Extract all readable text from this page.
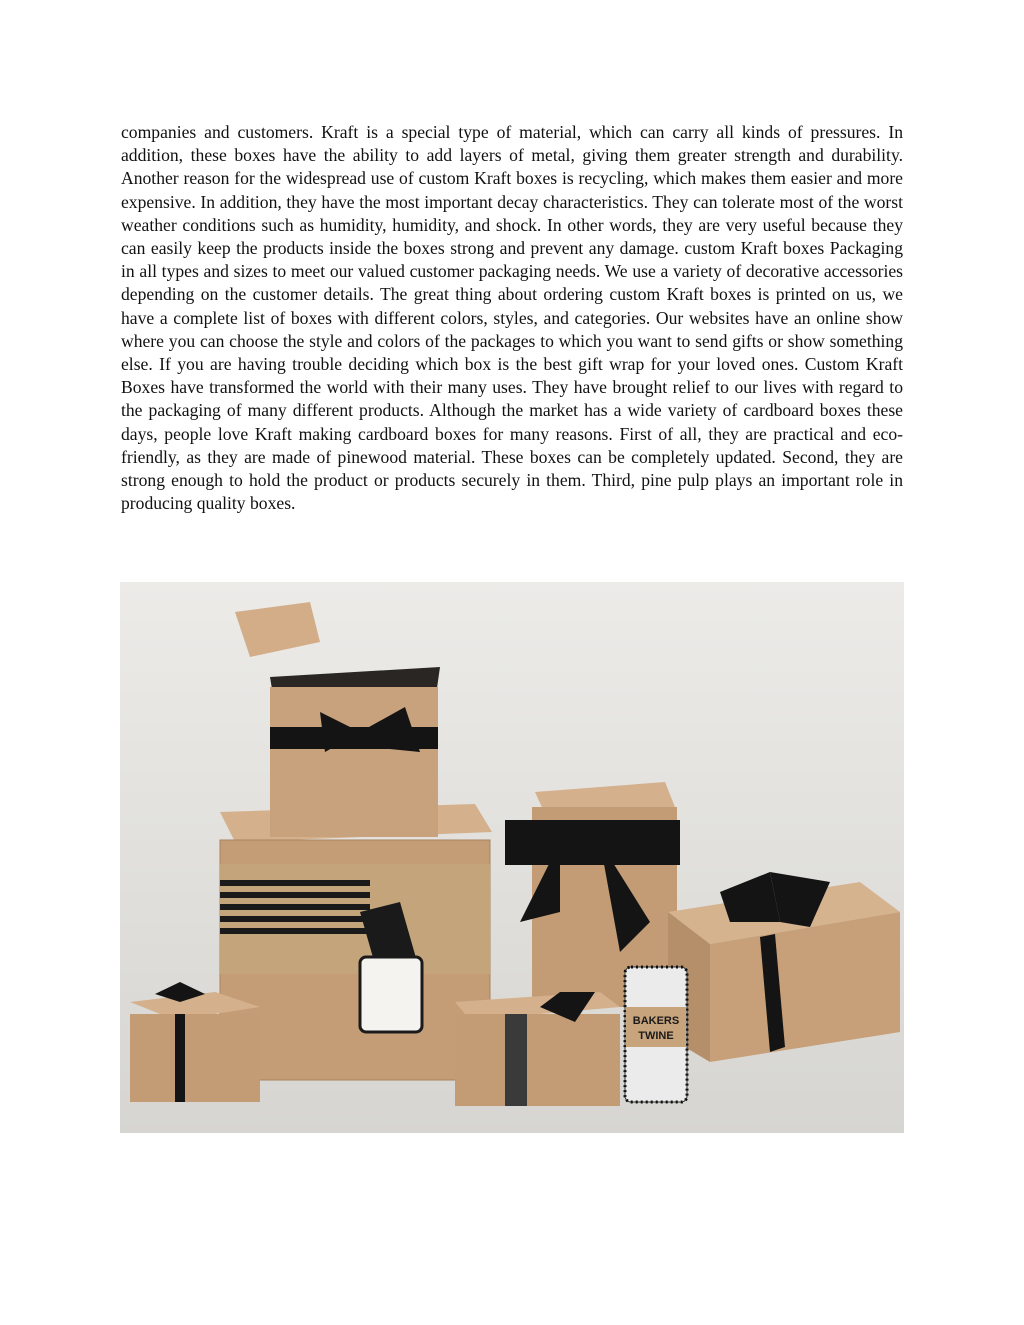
companies and customers. Kraft is a special type of material, which can carry all kinds of pressures. In addition, these boxes have the ability to add layers of metal, giving them greater strength and durability. Another reason for the widespread use of custom Kraft boxes is recycling, which makes them easier and more expensive. In addition, they have the most important decay characteristics. They can tolerate most of the worst weather conditions such as humidity, humidity, and shock. In other words, they are very useful because they can easily keep the products inside the boxes strong and prevent any damage. custom Kraft boxes Packaging in all types and sizes to meet our valued customer packaging needs. We use a variety of decorative accessories depending on the customer details. The great thing about ordering custom Kraft boxes is printed on us, we have a complete list of boxes with different colors, styles, and categories. Our websites have an online show where you can choose the style and colors of the packages to which you want to send gifts or show something else. If you are having trouble deciding which box is the best gift wrap for your loved ones. Custom Kraft Boxes have transformed the world with their many uses. They have brought relief to our lives with regard to the packaging of many different products. Although the market has a wide variety of cardboard boxes these days, people love Kraft making cardboard boxes for many reasons. First of all, they are practical and eco-friendly, as they are made of pinewood material. These boxes can be completely updated. Second, they are strong enough to hold the product or products securely in them. Third, pine pulp plays an important role in producing quality boxes.

BAKERS
TWINE
